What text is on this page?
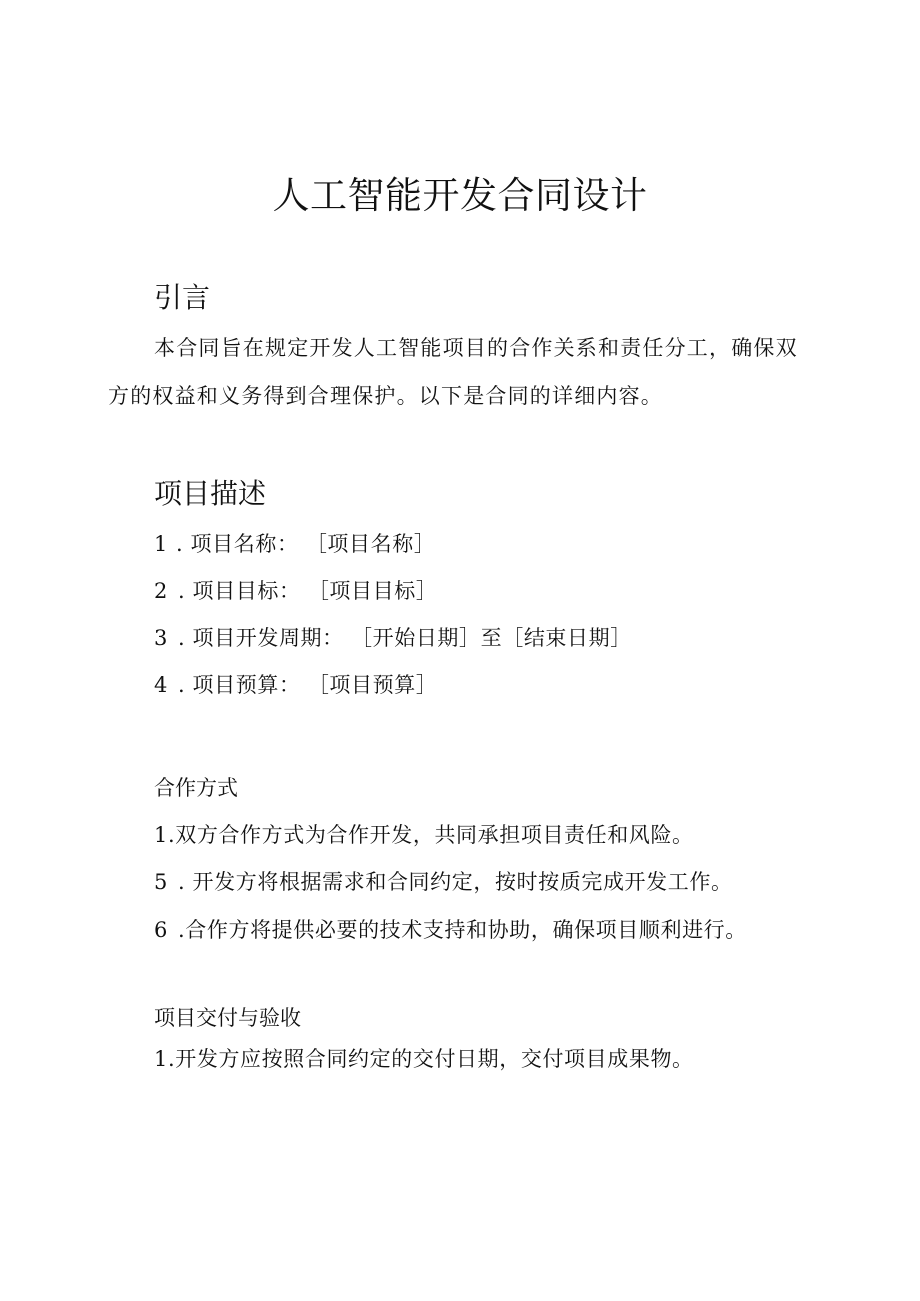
人工智能开发合同设计
引言
本合同旨在规定开发人工智能项目的合作关系和责任分工，确保双方的权益和义务得到合理保护。以下是合同的详细内容。
项目描述
1 . 项目名称： ［项目名称］
2 . 项目目标： ［项目目标］
3 . 项目开发周期： ［开始日期］至［结束日期］
4 . 项目预算： ［项目预算］
合作方式
1.双方合作方式为合作开发，共同承担项目责任和风险。
5 . 开发方将根据需求和合同约定，按时按质完成开发工作。
6 .合作方将提供必要的技术支持和协助，确保项目顺利进行。
项目交付与验收
1.开发方应按照合同约定的交付日期，交付项目成果物。
